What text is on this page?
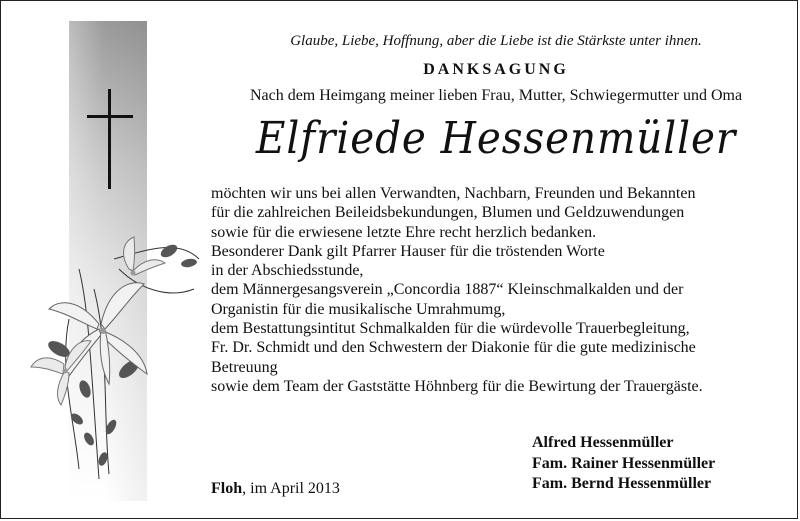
Glaube, Liebe, Hoffnung, aber die Liebe ist die Stärkste unter ihnen.
DANKSAGUNG
Nach dem Heimgang meiner lieben Frau, Mutter, Schwiegermutter und Oma
Elfriede Hessenmüller
möchten wir uns bei allen Verwandten, Nachbarn, Freunden und Bekannten
für die zahlreichen Beileidsbekundungen, Blumen und Geldzuwendungen
sowie für die erwiesene letzte Ehre recht herzlich bedanken.
Besonderer Dank gilt Pfarrer Hauser für die tröstenden Worte
in der Abschiedsstunde,
dem Männergesangsverein „Concordia 1887“ Kleinschmalkalden und der
Organistin für die musikalische Umrahmumg,
dem Bestattungsintitut Schmalkalden für die würdevolle Trauerbegleitung,
Fr. Dr. Schmidt und den Schwestern der Diakonie für die gute medizinische
Betreuung
sowie dem Team der Gaststätte Höhnberg für die Bewirtung der Trauergäste.
Floh, im April 2013
Alfred Hessenmüller
Fam. Rainer Hessenmüller
Fam. Bernd Hessenmüller
